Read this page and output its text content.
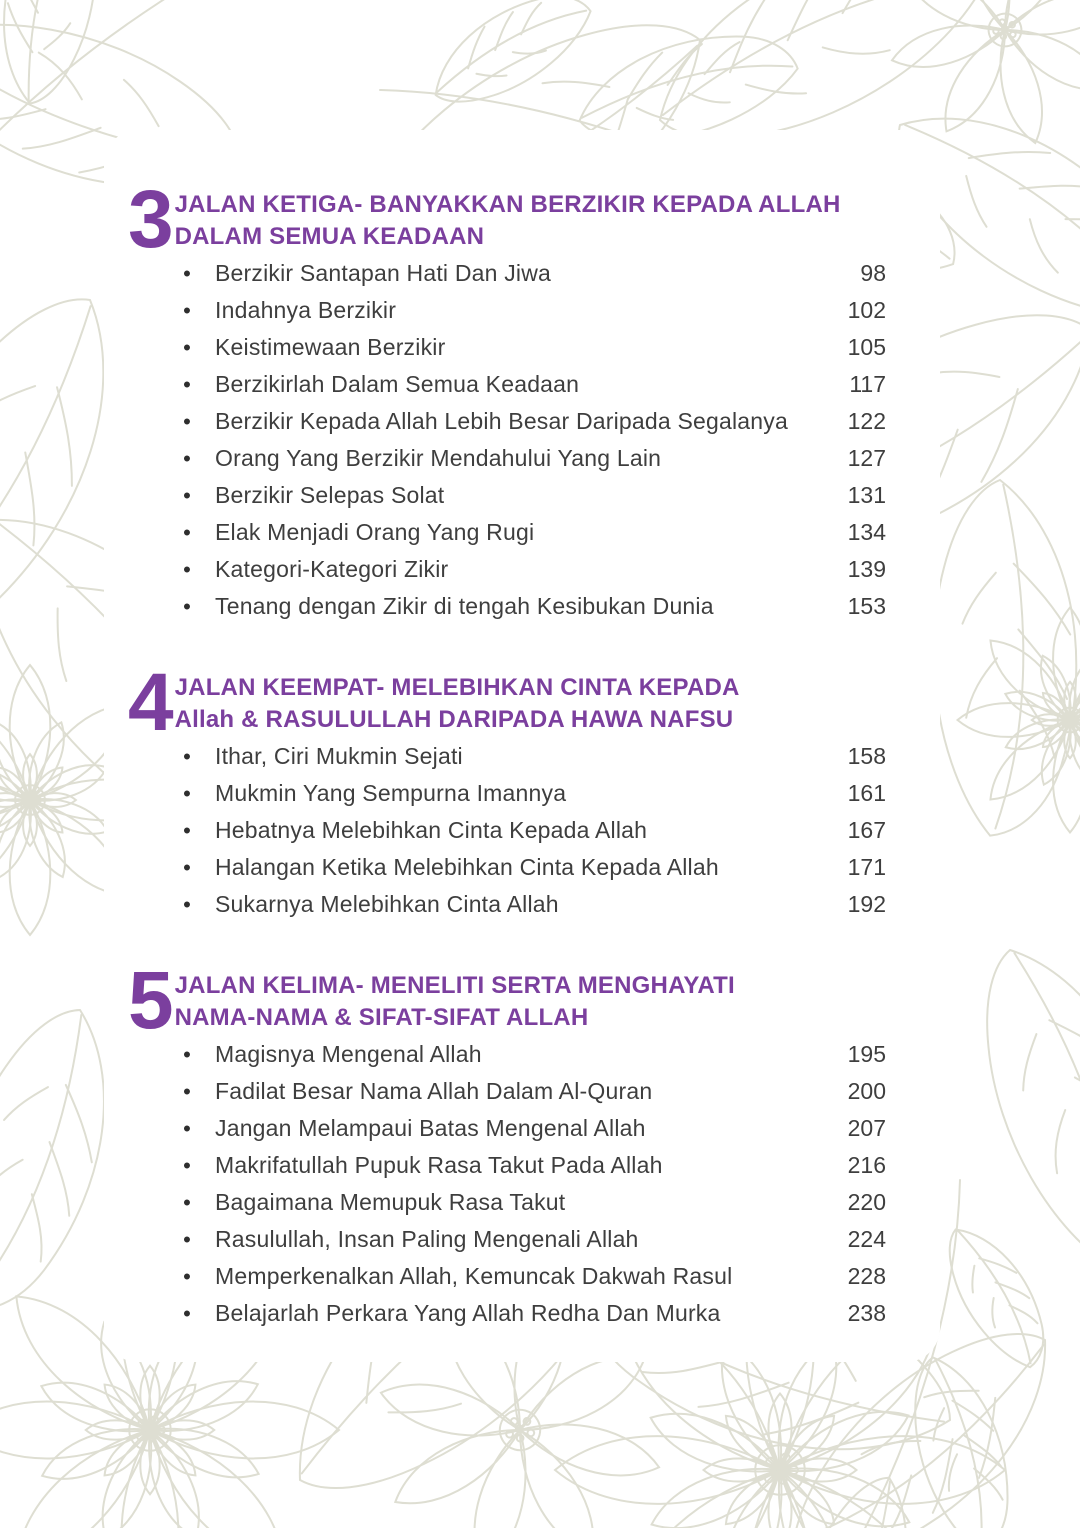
3 JALAN KETIGA- BANYAKKAN BERZIKIR KEPADA ALLAH
DALAM SEMUA KEADAAN
• Berzikir Santapan Hati Dan Jiwa	98
• Indahnya Berzikir	102
• Keistimewaan Berzikir	105
• Berzikirlah Dalam Semua Keadaan	117
• Berzikir Kepada Allah Lebih Besar Daripada Segalanya	122
• Orang Yang Berzikir Mendahului Yang Lain	127
• Berzikir Selepas Solat	131
• Elak Menjadi Orang Yang Rugi	134
• Kategori-Kategori Zikir	139
• Tenang dengan Zikir di tengah Kesibukan Dunia	153
4 JALAN KEEMPAT- MELEBIHKAN CINTA KEPADA
Allah & RASULULLAH DARIPADA HAWA NAFSU
• Ithar, Ciri Mukmin Sejati	158
• Mukmin Yang Sempurna Imannya	161
• Hebatnya Melebihkan Cinta Kepada Allah	167
• Halangan Ketika Melebihkan Cinta Kepada Allah	171
• Sukarnya Melebihkan Cinta Allah	192
5 JALAN KELIMA- MENELITI SERTA MENGHAYATI
NAMA-NAMA & SIFAT-SIFAT ALLAH
• Magisnya Mengenal Allah	195
• Fadilat Besar Nama Allah Dalam Al-Quran	200
• Jangan Melampaui Batas Mengenal Allah	207
• Makrifatullah Pupuk Rasa Takut Pada Allah	216
• Bagaimana Memupuk Rasa Takut	220
• Rasulullah, Insan Paling Mengenali Allah	224
• Memperkenalkan Allah, Kemuncak Dakwah Rasul	228
• Belajarlah Perkara Yang Allah Redha Dan Murka	238
